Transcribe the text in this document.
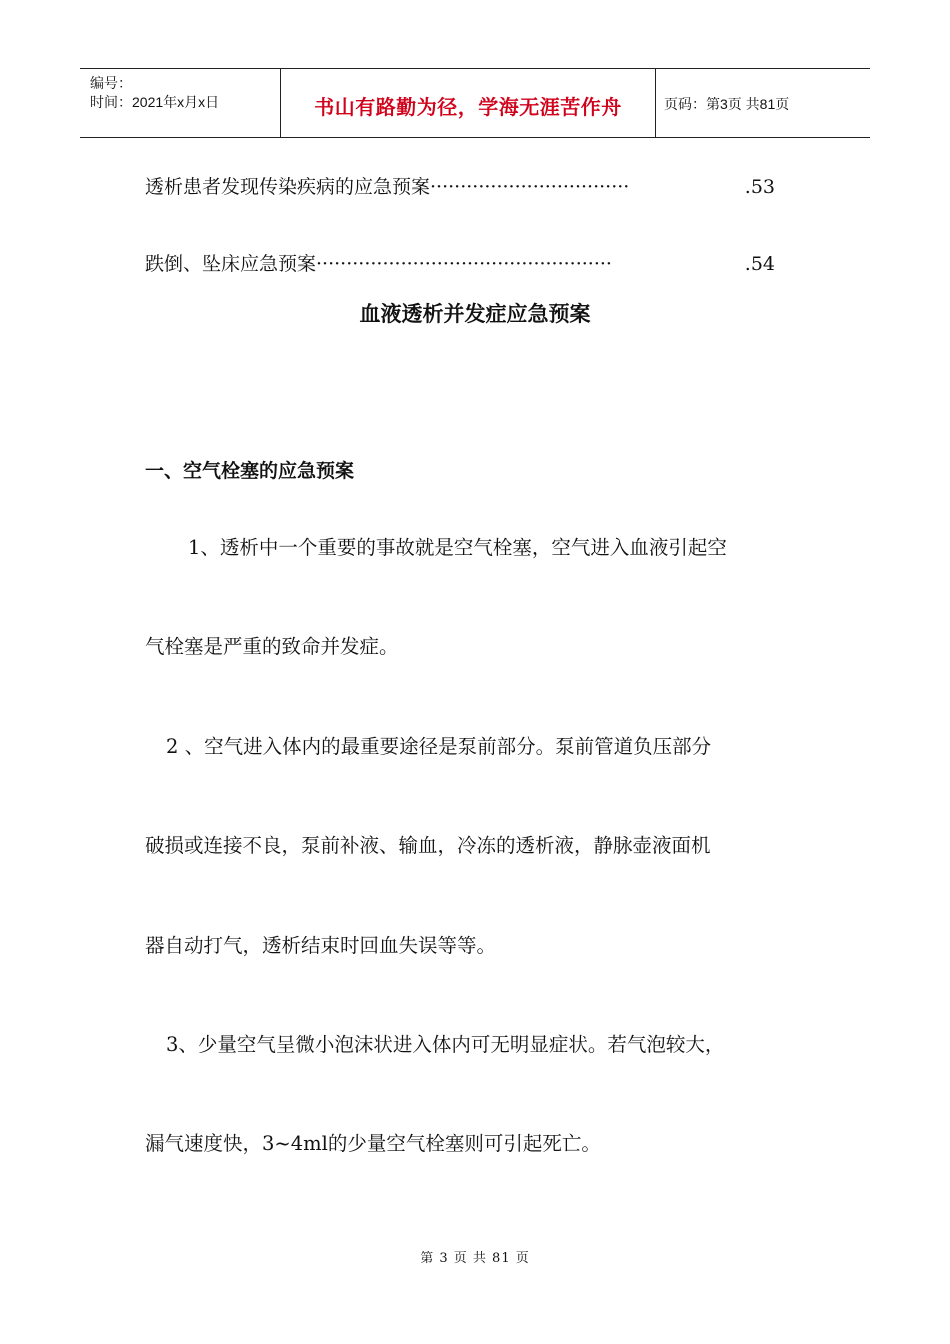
编号：
时间：2021年x月x日	书山有路勤为径，学海无涯苦作舟	页码：第3页 共81页
透析患者发现传染疾病的应急预案 ·································	.53
跌倒、坠床应急预案 ·················································	.54
血液透析并发症应急预案
一、空气栓塞的应急预案
1、透析中一个重要的事故就是空气栓塞，空气进入血液引起空
气栓塞是严重的致命并发症。
2 、空气进入体内的最重要途径是泵前部分。泵前管道负压部分
破损或连接不良，泵前补液、输血，冷冻的透析液，静脉壶液面机
器自动打气，透析结束时回血失误等等。
3、少量空气呈微小泡沫状进入体内可无明显症状。若气泡较大，
漏气速度快，3~4ml的少量空气栓塞则可引起死亡。
第 3 页 共 81 页
